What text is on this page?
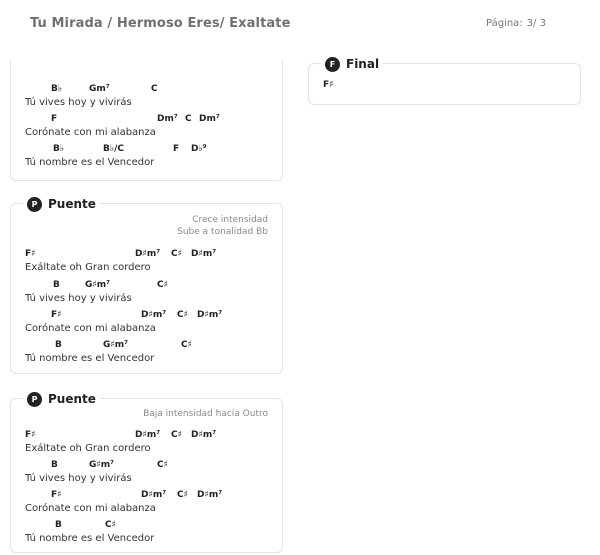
Tu Mirada / Hermoso Eres/ Exaltate	Página: 3/ 3
B♭	Gm⁷	C
Tú vives hoy y vivirás
F	Dm⁷ C Dm⁷
Corónate con mi alabanza
B♭	B♭/C	F D♭⁹
Tú nombre es el Vencedor
P Puente
Crece intensidad
Sube a tonalidad Bb
F♯	D♯m⁷ C♯ D♯m⁷
Exáltate oh Gran cordero
B	G♯m⁷	C♯
Tú vives hoy y vivirás
F♯	D♯m⁷ C♯ D♯m⁷
Corónate con mi alabanza
B	G♯m⁷	C♯
Tú nombre es el Vencedor
P Puente
Baja intensidad hacía Outro
F♯	D♯m⁷ C♯ D♯m⁷
Exáltate oh Gran cordero
B	G♯m⁷	C♯
Tú vives hoy y vivirás
F♯	D♯m⁷ C♯ D♯m⁷
Corónate con mi alabanza
B	C♯
Tú nombre es el Vencedor
F Final
F♯
